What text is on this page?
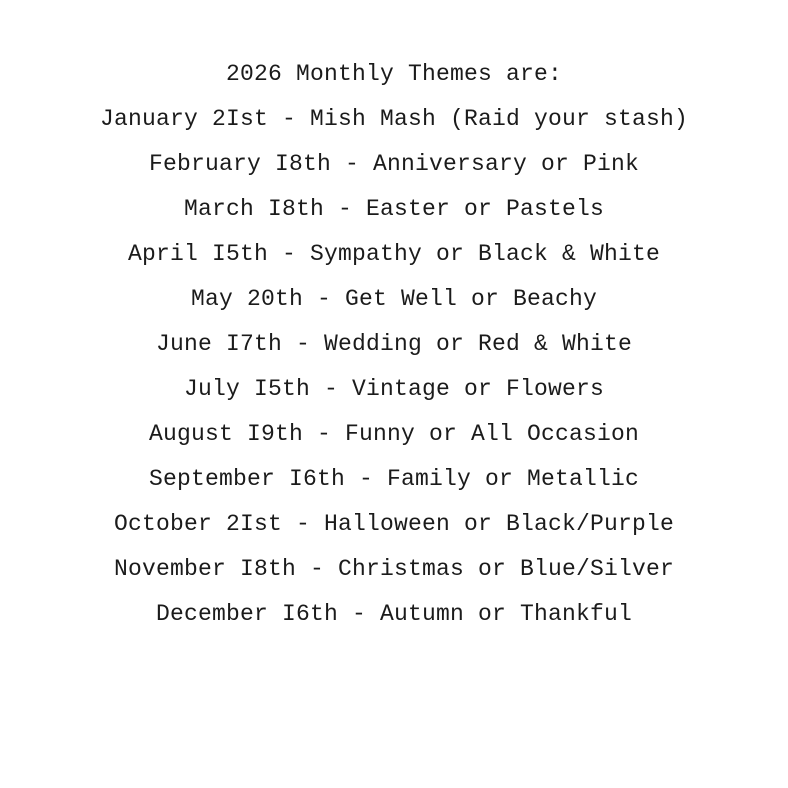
2026 Monthly Themes are:
January 2Ist - Mish Mash (Raid your stash)
February I8th - Anniversary or Pink
March I8th - Easter or Pastels
April I5th - Sympathy or Black & White
May 20th - Get Well or Beachy
June I7th - Wedding or Red & White
July I5th - Vintage or Flowers
August I9th - Funny or All Occasion
September I6th - Family or Metallic
October 2Ist - Halloween or Black/Purple
November I8th - Christmas or Blue/Silver
December I6th - Autumn or Thankful
